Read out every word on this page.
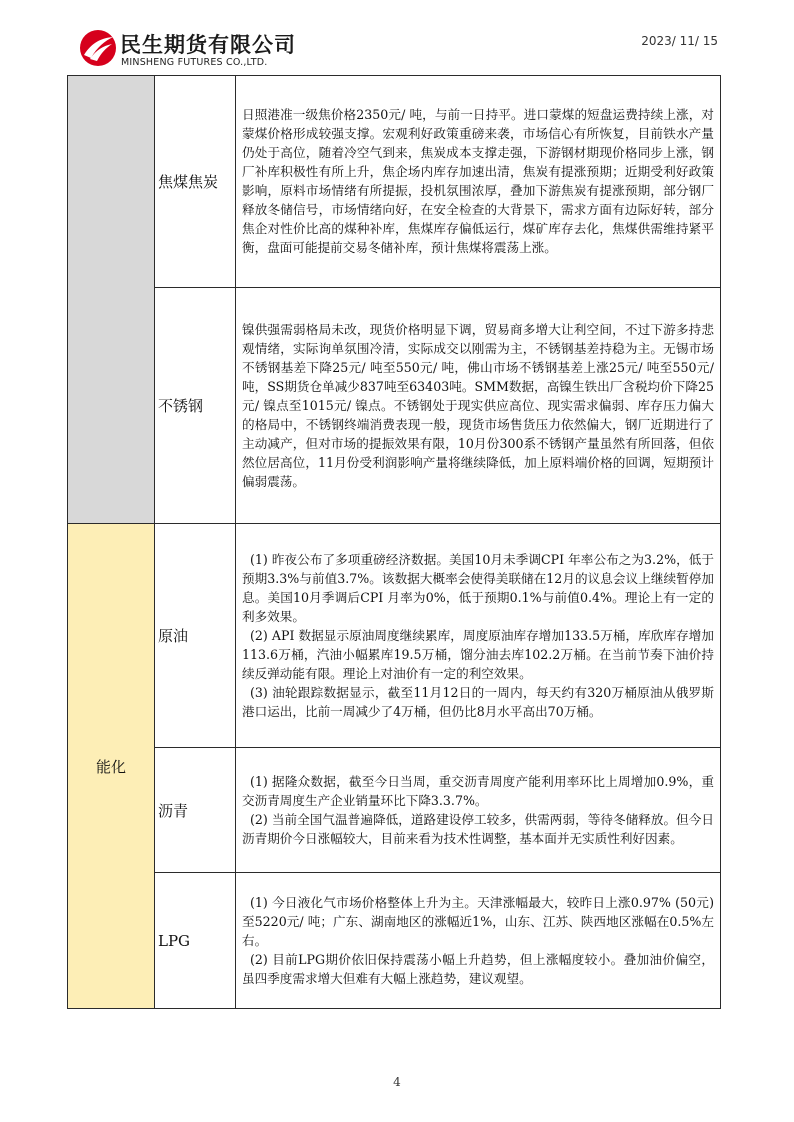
民生期货有限公司
MINSHENG FUTURES CO.,LTD.
2023/ 11/ 15
	焦煤焦炭	日照港准一级焦价格2350元/ 吨，与前一日持平。进口蒙煤的短盘运费持续上涨，对蒙煤价格形成较强支撑。宏观利好政策重磅来袭，市场信心有所恢复，目前铁水产量仍处于高位，随着冷空气到来，焦炭成本支撑走强，下游钢材期现价格同步上涨，钢厂补库积极性有所上升，焦企场内库存加速出清，焦炭有提涨预期；近期受利好政策影响，原料市场情绪有所提振，投机氛围浓厚，叠加下游焦炭有提涨预期，部分钢厂释放冬储信号，市场情绪向好，在安全检查的大背景下，需求方面有边际好转，部分焦企对性价比高的煤种补库，焦煤库存偏低运行，煤矿库存去化，焦煤供需维持紧平衡，盘面可能提前交易冬储补库，预计焦煤将震荡上涨。

	不锈钢	镍供强需弱格局未改，现货价格明显下调，贸易商多增大让利空间，不过下游多持悲观情绪，实际询单氛围冷清，实际成交以刚需为主，不锈钢基差持稳为主。无锡市场不锈钢基差下降25元/ 吨至550元/ 吨，佛山市场不锈钢基差上涨25元/ 吨至550元/ 吨，SS期货仓单减少837吨至63403吨。SMM数据，高镍生铁出厂含税均价下降25元/ 镍点至1015元/ 镍点。不锈钢处于现实供应高位、现实需求偏弱、库存压力偏大的格局中，不锈钢终端消费表现一般，现货市场售货压力依然偏大，钢厂近期进行了主动减产，但对市场的提振效果有限，10月份300系不锈钢产量虽然有所回落，但依然位居高位，11月份受利润影响产量将继续降低，加上原料端价格的回调，短期预计偏弱震荡。

能化	原油	(1) 昨夜公布了多项重磅经济数据。美国10月未季调CPI 年率公布之为3.2%，低于预期3.3%与前值3.7%。该数据大概率会使得美联储在12月的议息会议上继续暂停加息。美国10月季调后CPI 月率为0%，低于预期0.1%与前值0.4%。理论上有一定的利多效果。

(2) API 数据显示原油周度继续累库，周度原油库存增加133.5万桶，库欣库存增加113.6万桶，汽油小幅累库19.5万桶，馏分油去库102.2万桶。在当前节奏下油价持续反弹动能有限。理论上对油价有一定的利空效果。

(3) 油轮跟踪数据显示，截至11月12日的一周内，每天约有320万桶原油从俄罗斯港口运出，比前一周减少了4万桶，但仍比8月水平高出70万桶。

	沥青	(1) 据隆众数据，截至今日当周，重交沥青周度产能利用率环比上周增加0.9%，重交沥青周度生产企业销量环比下降3.3.7%。

(2) 当前全国气温普遍降低，道路建设停工较多，供需两弱，等待冬储释放。但今日沥青期价今日涨幅较大，目前来看为技术性调整，基本面并无实质性利好因素。

	LPG	(1) 今日液化气市场价格整体上升为主。天津涨幅最大，较昨日上涨0.97% (50元) 至5220元/ 吨；广东、湖南地区的涨幅近1%，山东、江苏、陕西地区涨幅在0.5%左右。

(2) 目前LPG期价依旧保持震荡小幅上升趋势，但上涨幅度较小。叠加油价偏空，虽四季度需求增大但难有大幅上涨趋势，建议观望。

4
